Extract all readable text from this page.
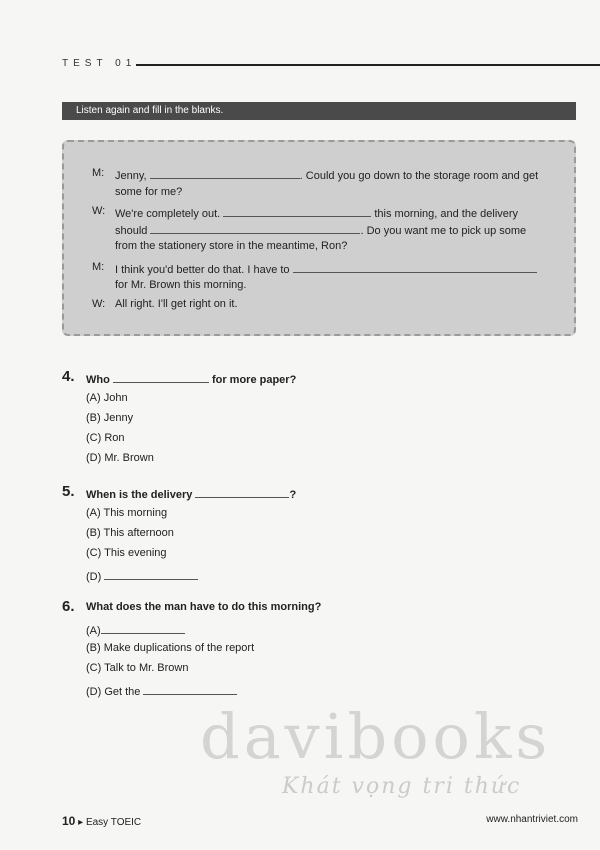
TEST 01
Listen again and fill in the blanks.
M: Jenny,	. Could you go down to the storage room and get
some for me?
W: We're completely out.	this morning, and the delivery
should	. Do you want me to pick up some
from the stationery store in the meantime, Ron?
M: I think you'd better do that. I have to
for Mr. Brown this morning.
W: All right. I'll get right on it.
4. Who	for more paper?
(A) John
(B) Jenny
(C) Ron
(D) Mr. Brown
5. When is the delivery	?
(A) This morning
(B) This afternoon
(C) This evening
(D)
6. What does the man have to do this morning?
(A)
(B) Make duplications of the report
(C) Talk to Mr. Brown
(D) Get the
davibooks
Khát vọng tri thức
10 ▸ Easy TOEIC	www.nhantriviet.com
